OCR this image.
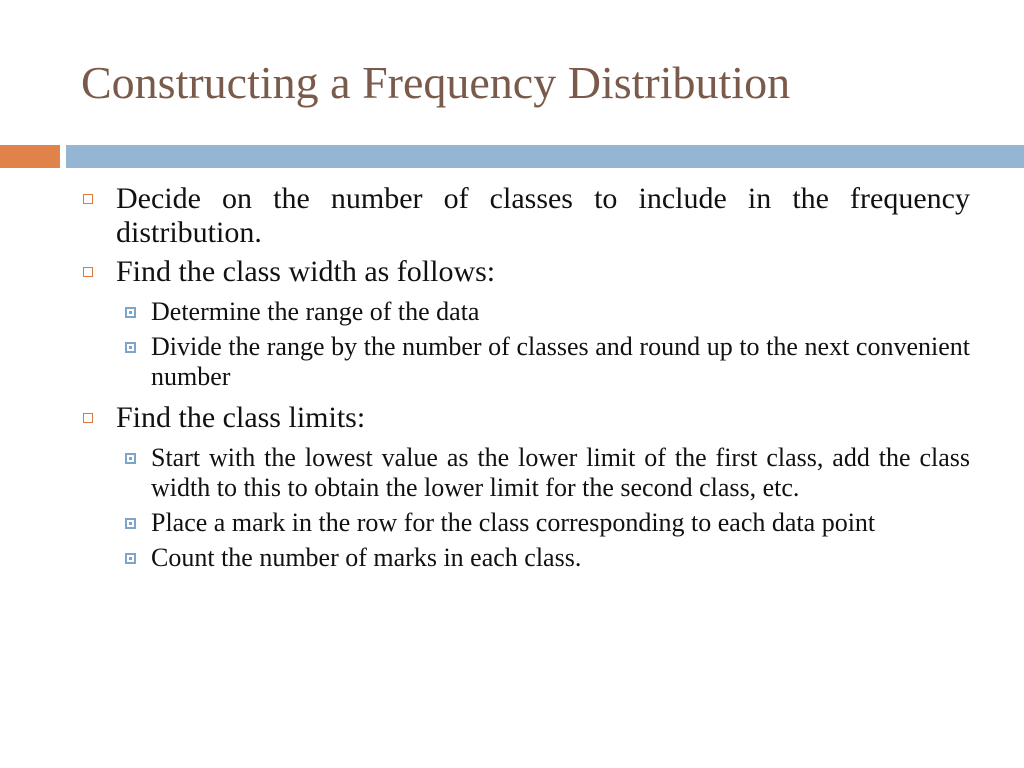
Constructing a Frequency Distribution
Decide on the number of classes to include in the frequency distribution.
Find the class width as follows:
Determine the range of the data
Divide the range by the number of classes and round up to the next convenient number
Find the class limits:
Start with the lowest value as the lower limit of the first class, add the class width to this to obtain the lower limit for the second class, etc.
Place a mark in the row for the class corresponding to each data point
Count the number of marks in each class.
